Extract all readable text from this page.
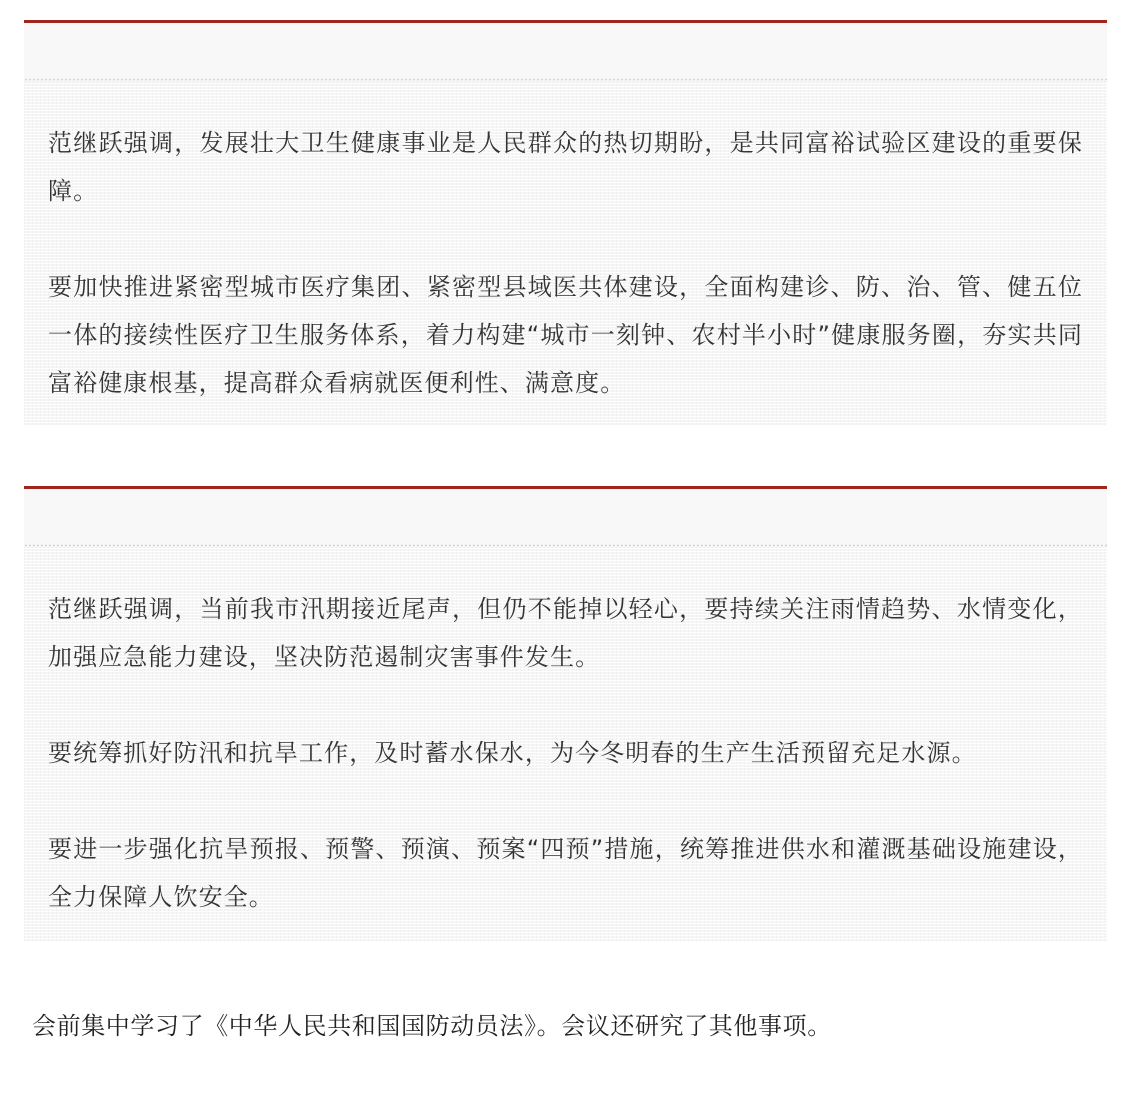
范继跃强调，发展壮大卫生健康事业是人民群众的热切期盼，是共同富裕试验区建设的重要保障。

要加快推进紧密型城市医疗集团、紧密型县域医共体建设，全面构建诊、防、治、管、健五位一体的接续性医疗卫生服务体系，着力构建“城市一刻钟、农村半小时”健康服务圈，夯实共同富裕健康根基，提高群众看病就医便利性、满意度。

范继跃强调，当前我市汛期接近尾声，但仍不能掉以轻心，要持续关注雨情趋势、水情变化，加强应急能力建设，坚决防范遏制灾害事件发生。

要统筹抓好防汛和抗旱工作，及时蓄水保水，为今冬明春的生产生活预留充足水源。

要进一步强化抗旱预报、预警、预演、预案“四预”措施，统筹推进供水和灌溉基础设施建设，全力保障人饮安全。

会前集中学习了《中华人民共和国国防动员法》。会议还研究了其他事项。
